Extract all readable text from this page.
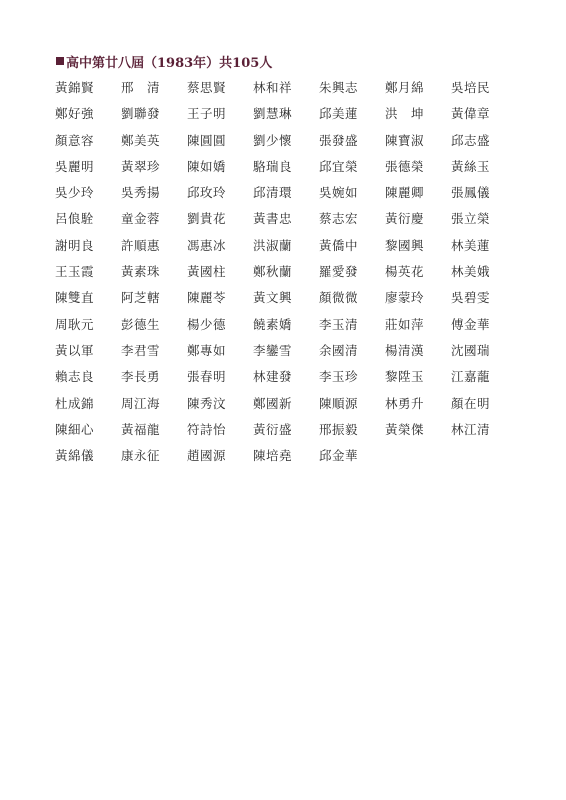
高中第廿八屆（1983年）共105人
黃錦賢	邢　清	蔡思賢	林和祥	朱興志	鄭月綿	吳培民
鄭好強	劉聯發	王子明	劉慧琳	邱美蓮	洪　坤	黃偉章
顏意容	鄭美英	陳圓圓	劉少懷	張發盛	陳寶淑	邱志盛
吳麗明	黃翠珍	陳如嬌	駱瑞良	邱宜榮	張德榮	黃絲玉
吳少玲	吳秀揚	邱玫玲	邱清環	吳婉如	陳麗卿	張鳳儀
呂俍駩	童金蓉	劉貴花	黃書忠	蔡志宏	黃衍慶	張立榮
謝明良	許順惠	馮惠冰	洪淑蘭	黃僑中	黎國興	林美蓮
王玉霞	黃素珠	黃國柱	鄭秋蘭	羅愛發	楊英花	林美娥
陳雙直	阿芝轄	陳麗苓	黃文興	顏微微	廖蒙玲	吳碧雯
周耿元	彭德生	楊少德	饒素嬌	李玉清	莊如萍	傅金華
黃以軍	李君雪	鄭專如	李鑾雪	余國清	楊清漢	沈國瑞
賴志良	李長勇	張春明	林建發	李玉珍	黎陞玉	江嘉蘢
杜成錦	周江海	陳秀汶	鄭國新	陳順源	林勇升	顏在明
陳細心	黃福龍	符詩怡	黃衍盛	邢振毅	黃榮傑	林江清
黃綿儀	康永征	趙國源	陳培堯	邱金華
